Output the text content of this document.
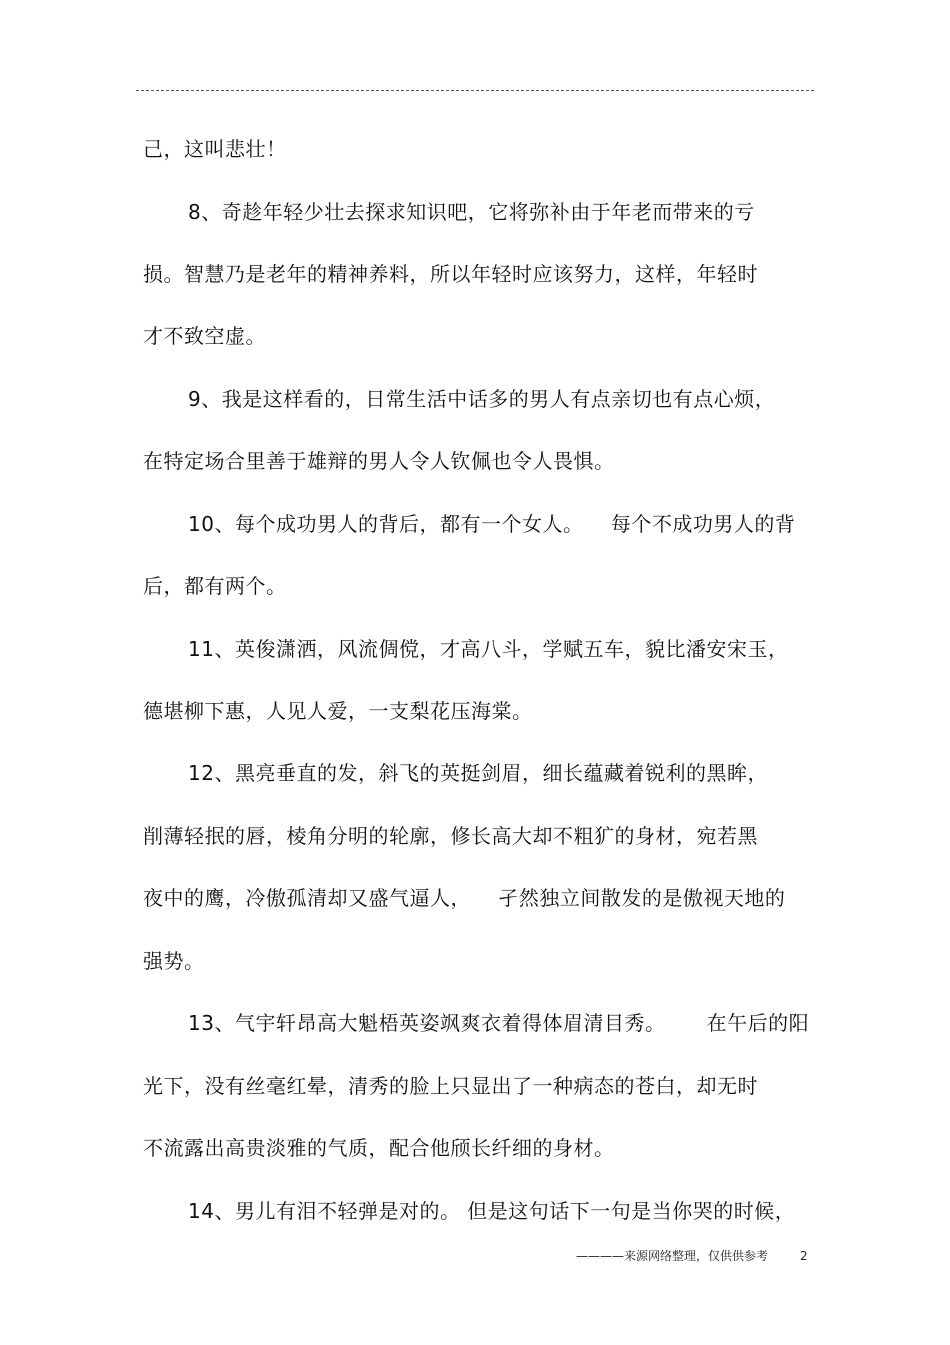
己，这叫悲壮！
8、奇趁年轻少壮去探求知识吧，它将弥补由于年老而带来的亏
损。智慧乃是老年的精神养料，所以年轻时应该努力，这样，年轻时
才不致空虚。
9、我是这样看的，日常生活中话多的男人有点亲切也有点心烦，
在特定场合里善于雄辩的男人令人钦佩也令人畏惧。
10、每个成功男人的背后，都有一个女人。    每个不成功男人的背
后，都有两个。
11、英俊潇洒，风流倜傥，才高八斗，学赋五车，貌比潘安宋玉，
德堪柳下惠，人见人爱，一支梨花压海棠。
12、黑亮垂直的发，斜飞的英挺剑眉，细长蕴藏着锐利的黑眸，
削薄轻抿的唇，棱角分明的轮廓，修长高大却不粗犷的身材，宛若黑
夜中的鹰，冷傲孤清却又盛气逼人，    孑然独立间散发的是傲视天地的
强势。
13、气宇轩昂高大魁梧英姿飒爽衣着得体眉清目秀。      在午后的阳
光下，没有丝毫红晕，清秀的脸上只显出了一种病态的苍白，却无时
不流露出高贵淡雅的气质，配合他颀长纤细的身材。
14、男儿有泪不轻弹是对的。 但是这句话下一句是当你哭的时候，
————来源网络整理，仅供供参考	2
